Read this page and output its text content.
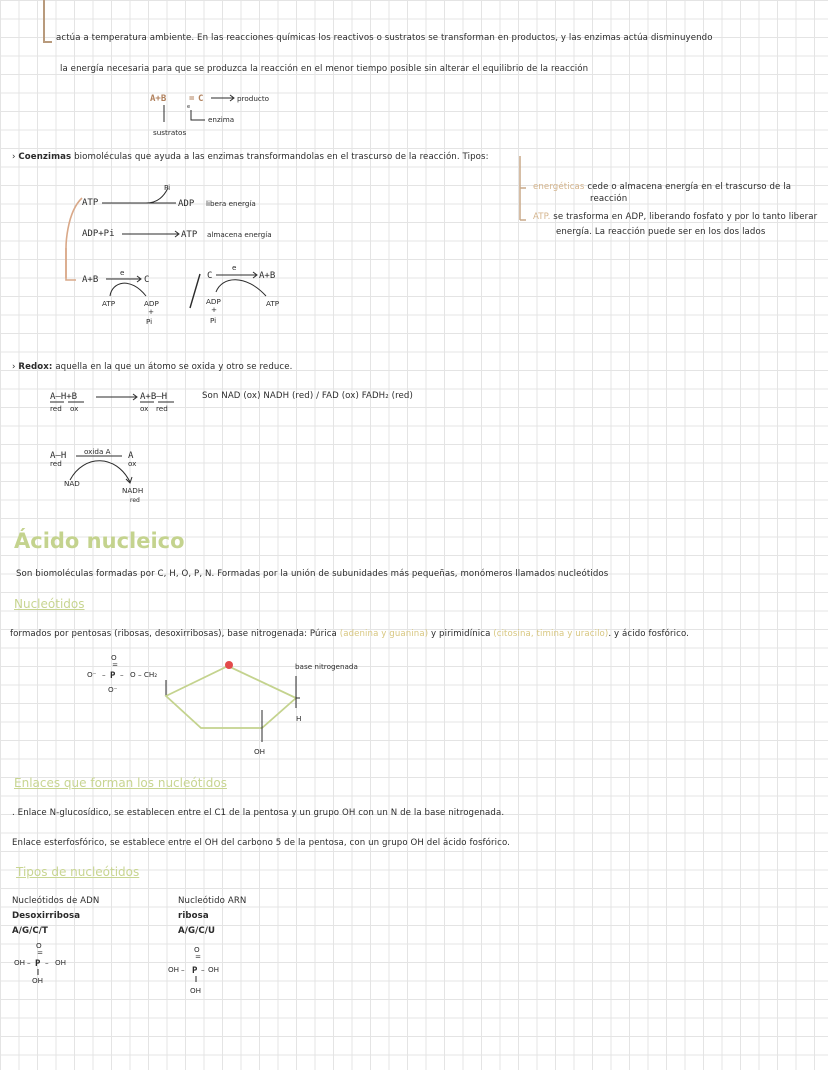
actúa a temperatura ambiente. En las reacciones químicas los reactivos o sustratos se transforman en productos, y las enzimas actúa disminuyendo
la energía necesaria para que se produzca la reacción en el menor tiempo posible sin alterar el equilibrio de la reacción
A+B	= C	producto
e
enzima
sustratos
› Coenzimas biomoléculas que ayuda a las enzimas transformandolas en el trascurso de la reacción. Tipos:
energéticas cede o almacena energía en el trascurso de la
reacción
ATP. se trasforma en ADP, liberando fosfato y por lo tanto liberar
energía. La reacción puede ser en los dos lados
ATP
Pi
ADP libera energía
ADP+Pi	ATP almacena energía
A+B
e
C
ATP	ADP
+
Pi
C
e
A+B
ADP
+
Pi
ATP
› Redox: aquella en la que un átomo se oxida y otro se reduce.
A–H+B
red ox
A+B–H
ox red
Son NAD (ox) NADH (red) / FAD (ox) FADH₂ (red)
A–H
red
oxida A A
ox
NAD
NADH
red
Ácido nucleico
Son biomoléculas formadas por C, H, O, P, N. Formadas por la unión de subunidades más pequeñas, monómeros llamados nucleótidos
Nucleótidos
formados por pentosas (ribosas, desoxirribosas), base nitrogenada: Púrica (adenina y guanina) y pirimidínica (citosina, timina y uracilo). y ácido fosfórico.
O⁻ – P
O
=
– O – CH₂
O⁻
base nitrogenada
H
OH
Enlaces que forman los nucleótidos
. Enlace N-glucosídico, se establecen entre el C1 de la pentosa y un grupo OH con un N de la base nitrogenada.
Enlace esterfosfórico, se establece entre el OH del carbono 5 de la pentosa, con un grupo OH del ácido fosfórico.
Tipos de nucleótidos
Nucleótidos de ADN
Desoxirribosa
A/G/C/T
O
=
OH – P – OH
OH
Nucleótido ARN
ribosa
A/G/C/U
O
=
OH – P – OH
OH
